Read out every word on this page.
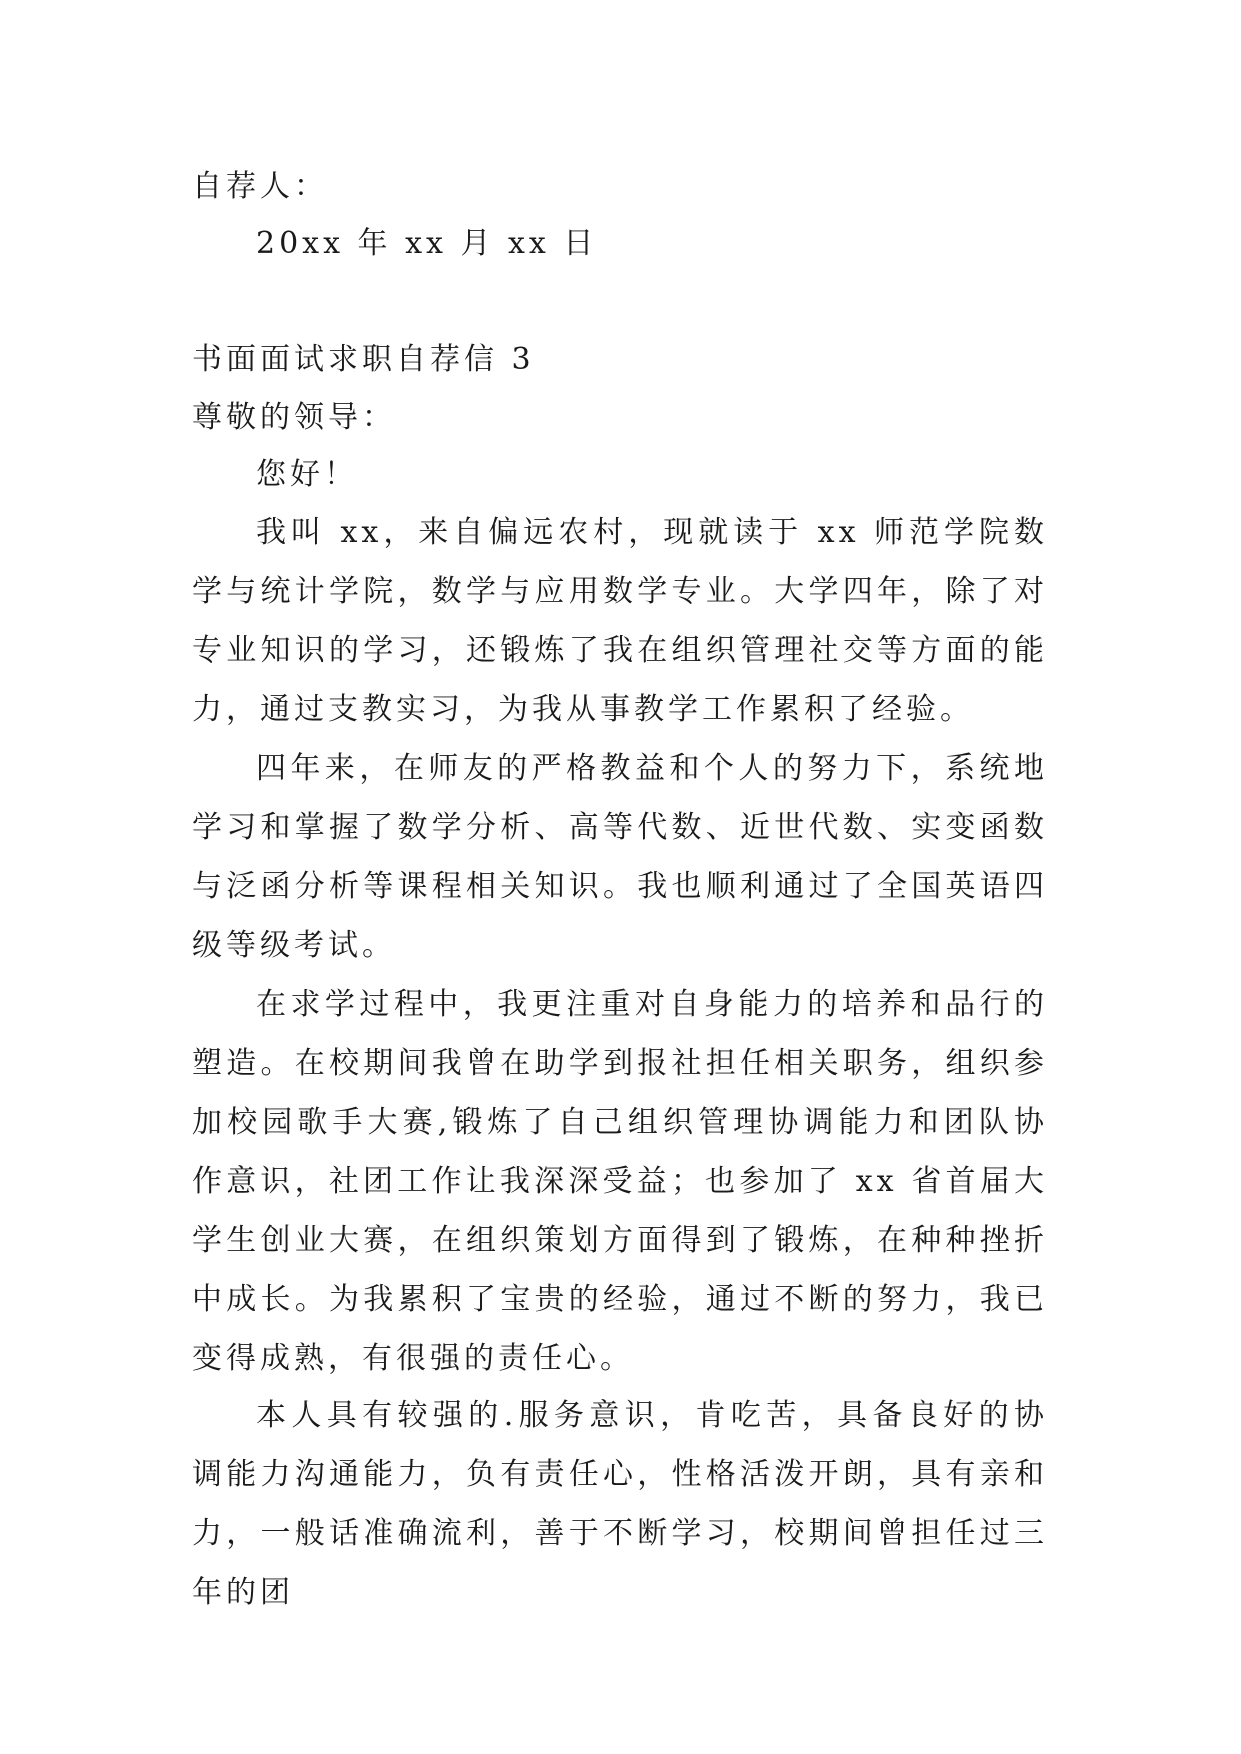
自荐人：
20xx 年 xx 月 xx 日
书面面试求职自荐信 3
尊敬的领导：
您好！

我叫 xx，来自偏远农村，现就读于 xx 师范学院数学与统计学院，数学与应用数学专业。大学四年，除了对专业知识的学习，还锻炼了我在组织管理社交等方面的能力，通过支教实习，为我从事教学工作累积了经验。

四年来，在师友的严格教益和个人的努力下，系统地学习和掌握了数学分析、高等代数、近世代数、实变函数与泛函分析等课程相关知识。我也顺利通过了全国英语四级等级考试。

在求学过程中，我更注重对自身能力的培养和品行的塑造。在校期间我曾在助学到报社担任相关职务，组织参加校园歌手大赛,锻炼了自己组织管理协调能力和团队协作意识，社团工作让我深深受益；也参加了 xx 省首届大学生创业大赛，在组织策划方面得到了锻炼，在种种挫折中成长。为我累积了宝贵的经验，通过不断的努力，我已变得成熟，有很强的责任心。

本人具有较强的.服务意识，肯吃苦，具备良好的协调能力沟通能力，负有责任心，性格活泼开朗，具有亲和力，一般话准确流利，善于不断学习，校期间曾担任过三年的团
